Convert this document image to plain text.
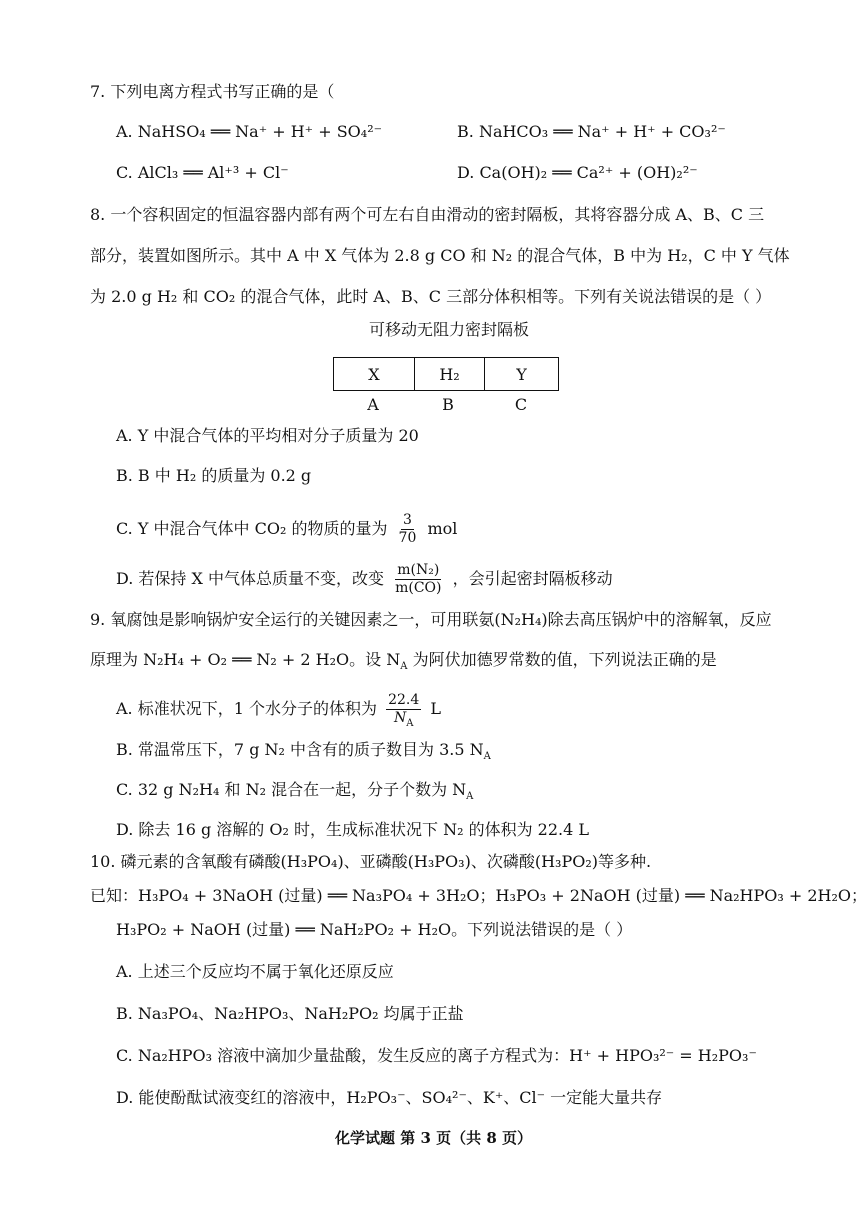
7. 下列电离方程式书写正确的是（
A. NaHSO₄ ══ Na⁺ + H⁺ + SO₄²⁻	B. NaHCO₃ ══ Na⁺ + H⁺ + CO₃²⁻
C. AlCl₃ ══ Al⁺³ + Cl⁻	D. Ca(OH)₂ ══ Ca²⁺ + (OH)₂²⁻
8. 一个容积固定的恒温容器内部有两个可左右自由滑动的密封隔板，其将容器分成 A、B、C 三
部分，装置如图所示。其中 A 中 X 气体为 2.8 g CO 和 N₂ 的混合气体，B 中为 H₂，C 中 Y 气体
为 2.0 g H₂ 和 CO₂ 的混合气体，此时 A、B、C 三部分体积相等。下列有关说法错误的是（ ）
可移动无阻力密封隔板
X	H₂	Y
A	B	C
A. Y 中混合气体的平均相对分子质量为 20
B. B 中 H₂ 的质量为 0.2 g
C. Y 中混合气体中 CO₂ 的物质的量为 $\frac{3}{70}$ mol
D. 若保持 X 中气体总质量不变，改变 $\frac{\text{m(N₂)}}{m(CO)}$ ，会引起密封隔板移动
9. 氧腐蚀是影响锅炉安全运行的关键因素之一，可用联氨(N₂H₄)除去高压锅炉中的溶解氧，反应
原理为 N₂H₄ + O₂ ══ N₂ + 2 H₂O。设 $N_A$ 为阿伏加德罗常数的值，下列说法正确的是
A. 标准状况下，1 个水分子的体积为 $\frac{22.4}{N_A}$ L
B. 常温常压下，7 g N₂ 中含有的质子数目为 3.5 $N_A$
C. 32 g N₂H₄ 和 N₂ 混合在一起，分子个数为 $N_A$
D. 除去 16 g 溶解的 O₂ 时，生成标准状况下 N₂ 的体积为 22.4 L
10. 磷元素的含氧酸有磷酸(H₃PO₄)、亚磷酸(H₃PO₃)、次磷酸(H₃PO₂)等多种.
已知：H₃PO₄ + 3NaOH (过量) ══ Na₃PO₄ + 3H₂O；H₃PO₃ + 2NaOH (过量) ══ Na₂HPO₃ + 2H₂O；
H₃PO₂ + NaOH (过量) ══ NaH₂PO₂ + H₂O。下列说法错误的是（ ）
A. 上述三个反应均不属于氧化还原反应
B. Na₃PO₄、Na₂HPO₃、NaH₂PO₂ 均属于正盐
C. Na₂HPO₃ 溶液中滴加少量盐酸，发生反应的离子方程式为：H⁺ + HPO₃²⁻ = H₂PO₃⁻
D. 能使酚酞试液变红的溶液中，H₂PO₃⁻、SO₄²⁻、K⁺、Cl⁻ 一定能大量共存
化学试题 第 3 页（共 8 页）
